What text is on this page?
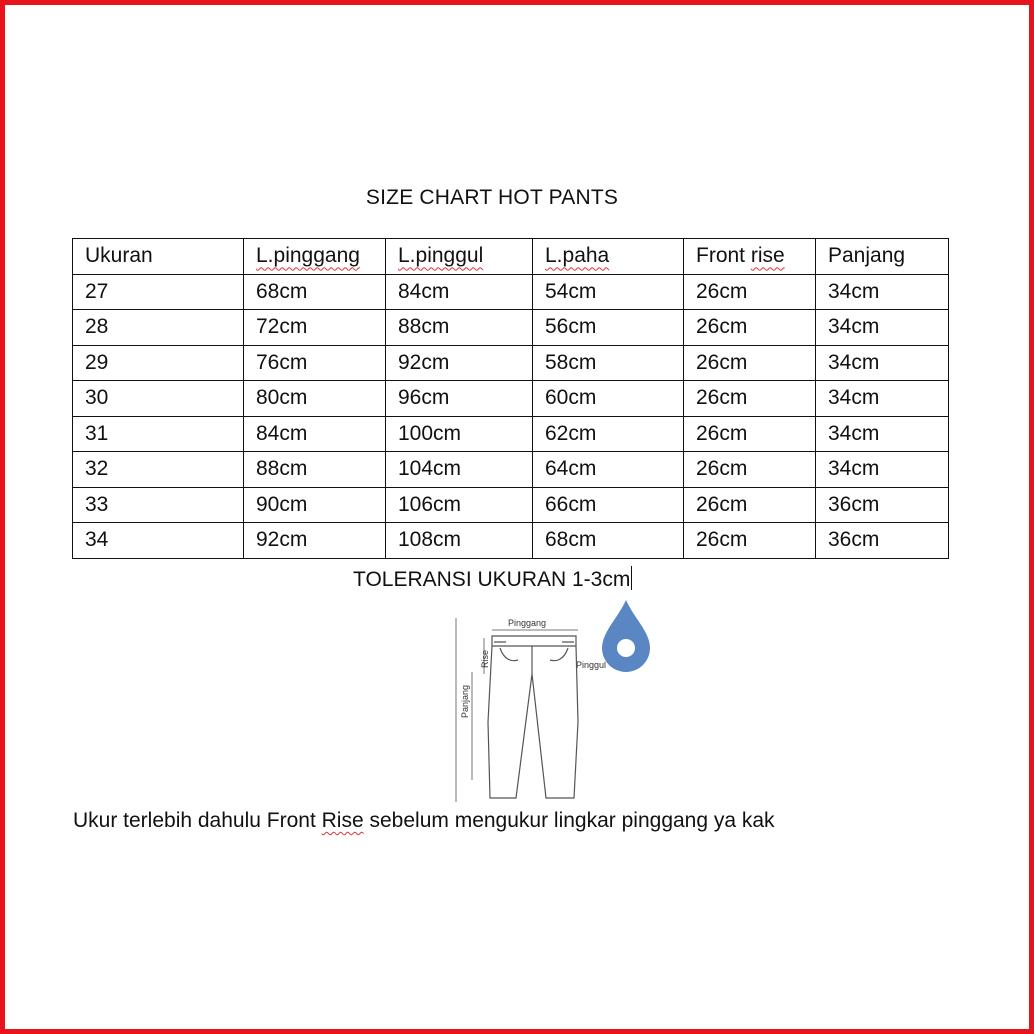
SIZE CHART HOT PANTS
Ukuran	L.pinggang	L.pinggul	L.paha	Front rise	Panjang
27	68cm	84cm	54cm	26cm	34cm
28	72cm	88cm	56cm	26cm	34cm
29	76cm	92cm	58cm	26cm	34cm
30	80cm	96cm	60cm	26cm	34cm
31	84cm	100cm	62cm	26cm	34cm
32	88cm	104cm	64cm	26cm	34cm
33	90cm	106cm	66cm	26cm	36cm
34	92cm	108cm	68cm	26cm	36cm
TOLERANSI UKURAN 1-3cm
Pinggang
Panjang
Rise	Pinggul
Ukur terlebih dahulu Front Rise sebelum mengukur lingkar pinggang ya kak
